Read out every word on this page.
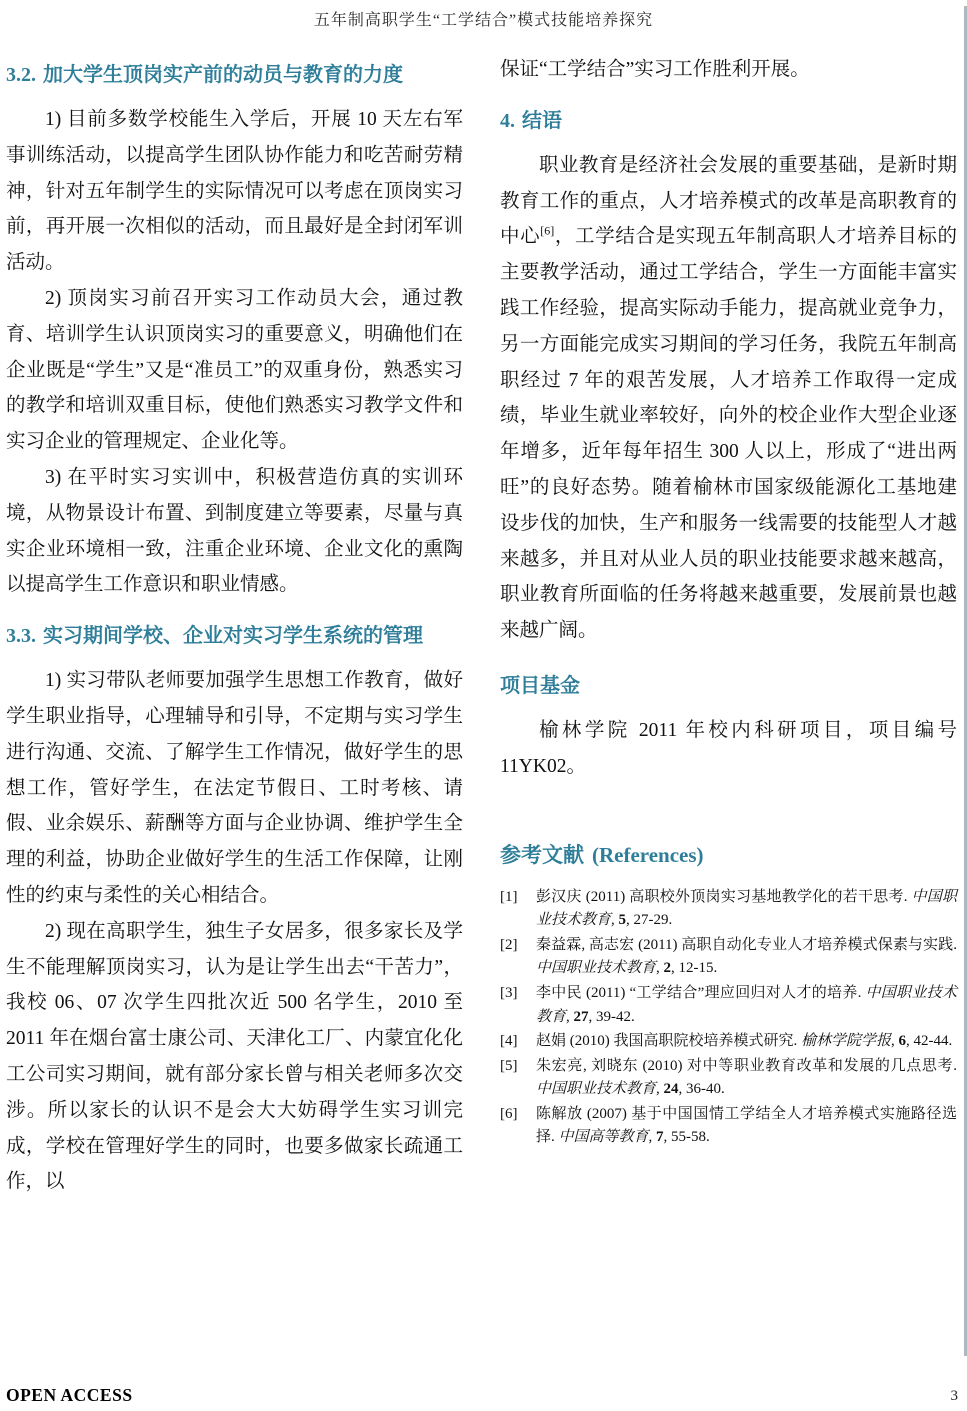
五年制高职学生“工学结合”模式技能培养探究
3.2. 加大学生顶岗实产前的动员与教育的力度

1) 目前多数学校能生入学后，开展 10 天左右军事训练活动，以提高学生团队协作能力和吃苦耐劳精神，针对五年制学生的实际情况可以考虑在顶岗实习前，再开展一次相似的活动，而且最好是全封闭军训活动。

2) 顶岗实习前召开实习工作动员大会，通过教育、培训学生认识顶岗实习的重要意义，明确他们在企业既是“学生”又是“准员工”的双重身份，熟悉实习的教学和培训双重目标，使他们熟悉实习教学文件和实习企业的管理规定、企业化等。

3) 在平时实习实训中，积极营造仿真的实训环境，从物景设计布置、到制度建立等要素，尽量与真实企业环境相一致，注重企业环境、企业文化的熏陶以提高学生工作意识和职业情感。

3.3. 实习期间学校、企业对实习学生系统的管理

1) 实习带队老师要加强学生思想工作教育，做好学生职业指导，心理辅导和引导，不定期与实习学生进行沟通、交流、了解学生工作情况，做好学生的思想工作，管好学生，在法定节假日、工时考核、请假、业余娱乐、薪酬等方面与企业协调、维护学生全理的利益，协助企业做好学生的生活工作保障，让刚性的约束与柔性的关心相结合。

2) 现在高职学生，独生子女居多，很多家长及学生不能理解顶岗实习，认为是让学生出去“干苦力”，我校 06、07 次学生四批次近 500 名学生，2010 至 2011 年在烟台富士康公司、天津化工厂、内蒙宜化化工公司实习期间，就有部分家长曾与相关老师多次交涉。所以家长的认识不是会大大妨碍学生实习训完成，学校在管理好学生的同时，也要多做家长疏通工作，以

保证“工学结合”实习工作胜利开展。

4. 结语

职业教育是经济社会发展的重要基础，是新时期教育工作的重点，人才培养模式的改革是高职教育的中心[6]，工学结合是实现五年制高职人才培养目标的主要教学活动，通过工学结合，学生一方面能丰富实践工作经验，提高实际动手能力，提高就业竞争力，另一方面能完成实习期间的学习任务，我院五年制高职经过 7 年的艰苦发展，人才培养工作取得一定成绩，毕业生就业率较好，向外的校企业作大型企业逐年增多，近年每年招生 300 人以上，形成了“进出两旺”的良好态势。随着榆林市国家级能源化工基地建设步伐的加快，生产和服务一线需要的技能型人才越来越多，并且对从业人员的职业技能要求越来越高，职业教育所面临的任务将越来越重要，发展前景也越来越广阔。

项目基金

榆林学院 2011 年校内科研项目，项目编号 11YK02。

参考文献 (References)
[1]	彭汉庆 (2011) 高职校外顶岗实习基地教学化的若干思考. 中国职业技术教育, 5, 27-29.
[2]	秦益霖, 高志宏 (2011) 高职自动化专业人才培养模式保素与实践. 中国职业技术教育, 2, 12-15.
[3]	李中民 (2011) “工学结合”理应回归对人才的培养. 中国职业技术教育, 27, 39-42.
[4]	赵娟 (2010) 我国高职院校培养模式研究. 榆林学院学报, 6, 42-44.
[5]	朱宏亮, 刘晓东 (2010) 对中等职业教育改革和发展的几点思考. 中国职业技术教育, 24, 36-40.
[6]	陈解放 (2007) 基于中国国情工学结全人才培养模式实施路径选择. 中国高等教育, 7, 55-58.
OPEN ACCESS	3
